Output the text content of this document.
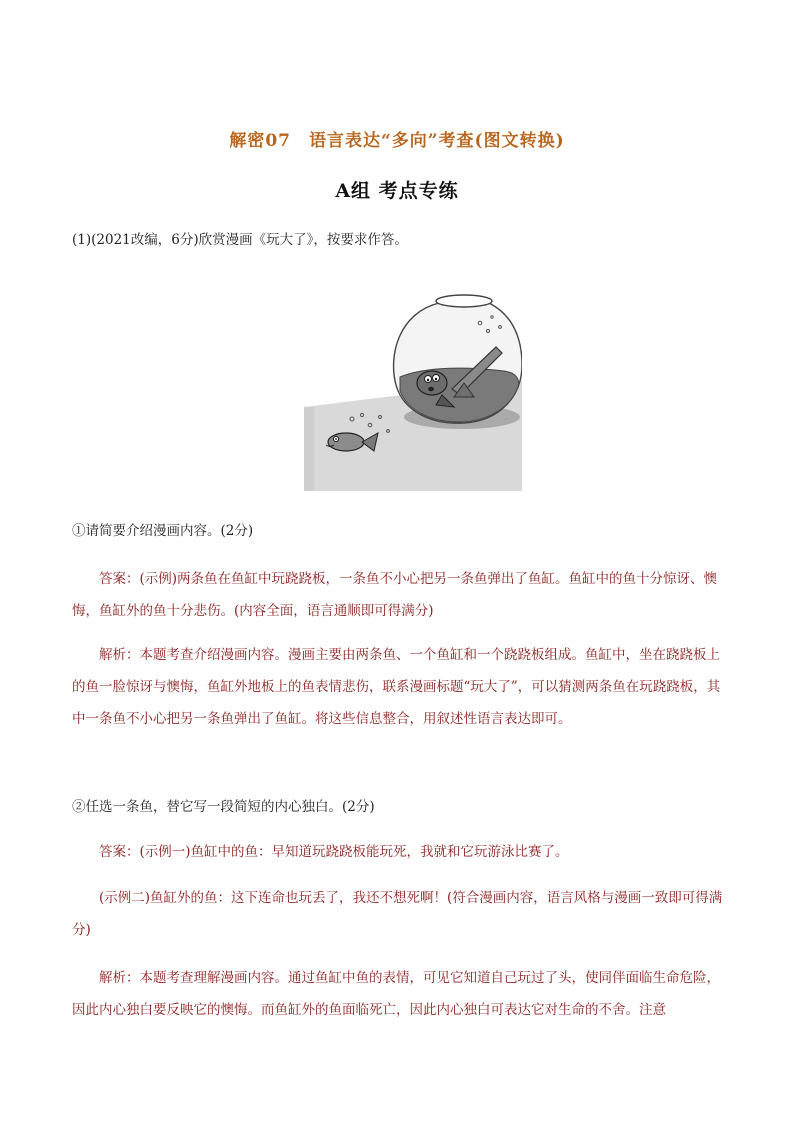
解密07　语言表达“多向”考查(图文转换)
A组 考点专练
(1)(2021改编，6分)欣赏漫画《玩大了》，按要求作答。
①请简要介绍漫画内容。(2分)
答案：(示例)两条鱼在鱼缸中玩跷跷板，一条鱼不小心把另一条鱼弹出了鱼缸。鱼缸中的鱼十分惊讶、懊悔，鱼缸外的鱼十分悲伤。(内容全面，语言通顺即可得满分)
解析：本题考查介绍漫画内容。漫画主要由两条鱼、一个鱼缸和一个跷跷板组成。鱼缸中，坐在跷跷板上的鱼一脸惊讶与懊悔，鱼缸外地板上的鱼表情悲伤，联系漫画标题“玩大了”，可以猜测两条鱼在玩跷跷板，其中一条鱼不小心把另一条鱼弹出了鱼缸。将这些信息整合，用叙述性语言表达即可。
②任选一条鱼，替它写一段简短的内心独白。(2分)
答案：(示例一)鱼缸中的鱼：早知道玩跷跷板能玩死，我就和它玩游泳比赛了。
(示例二)鱼缸外的鱼：这下连命也玩丢了，我还不想死啊！(符合漫画内容，语言风格与漫画一致即可得满分)
解析：本题考查理解漫画内容。通过鱼缸中鱼的表情，可见它知道自己玩过了头，使同伴面临生命危险，因此内心独白要反映它的懊悔。而鱼缸外的鱼面临死亡，因此内心独白可表达它对生命的不舍。注意
